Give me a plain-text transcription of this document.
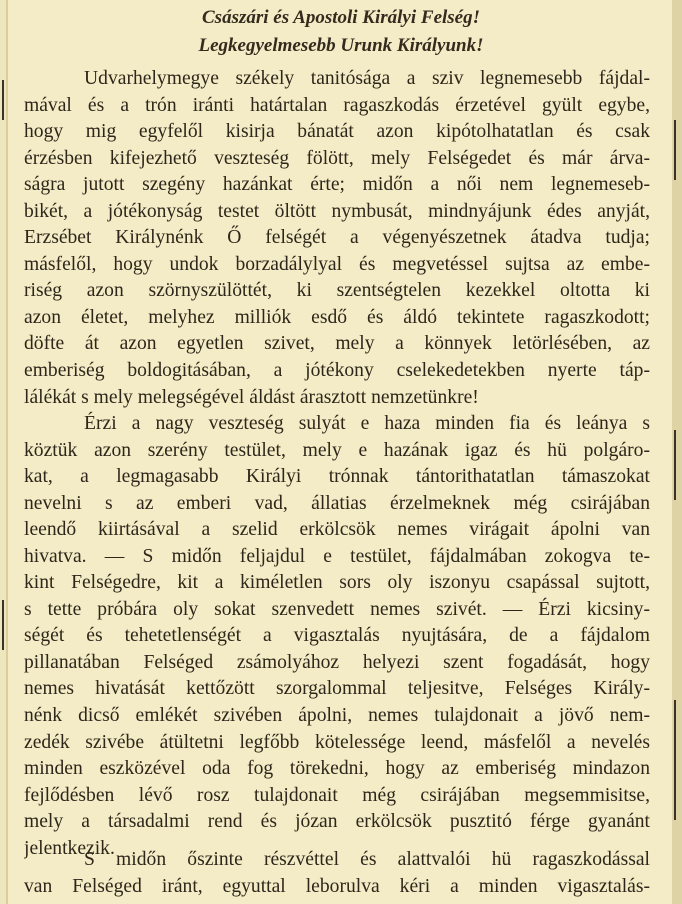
Császári és Apostoli Királyi Felség!
Legkegyelmesebb Urunk Királyunk!
Udvarhelymegye székely tanitósága a sziv legnemesebb fájdal-
mával és a trón iránti határtalan ragaszkodás érzetével gyült egybe,
hogy mig egyfelől kisirja bánatát azon kipótolhatatlan és csak
érzésben kifejezhető veszteség fölött, mely Felségedet és már árva-
ságra jutott szegény hazánkat érte; midőn a női nem legnemeseb-
bikét, a jótékonyság testet öltött nymbusát, mindnyájunk édes anyját,
Erzsébet Királynénk Ő felségét a végenyészetnek átadva tudja;
másfelől, hogy undok borzadálylyal és megvetéssel sujtsa az embe-
riség azon szörnyszülöttét, ki szentségtelen kezekkel oltotta ki
azon életet, melyhez milliók esdő és áldó tekintete ragaszkodott;
döfte át azon egyetlen szivet, mely a könnyek letörlésében, az
emberiség boldogitásában, a jótékony cselekedetekben nyerte táp-
lálékát s mely melegségével áldást árasztott nemzetünkre!
Érzi a nagy veszteség sulyát e haza minden fia és leánya s
köztük azon szerény testület, mely e hazának igaz és hü polgáro-
kat, a legmagasabb Királyi trónnak tántorithatatlan támaszokat
nevelni s az emberi vad, állatias érzelmeknek még csirájában
leendő kiirtásával a szelid erkölcsök nemes virágait ápolni van
hivatva. — S midőn feljajdul e testület, fájdalmában zokogva te-
kint Felségedre, kit a kiméletlen sors oly iszonyu csapással sujtott,
s tette próbára oly sokat szenvedett nemes szivét. — Érzi kicsiny-
ségét és tehetetlenségét a vigasztalás nyujtására, de a fájdalom
pillanatában Felséged zsámolyához helyezi szent fogadását, hogy
nemes hivatását kettőzött szorgalommal teljesitve, Felséges Király-
nénk dicső emlékét szivében ápolni, nemes tulajdonait a jövő nem-
zedék szivébe átültetni legfőbb kötelessége leend, másfelől a nevelés
minden eszközével oda fog törekedni, hogy az emberiség mindazon
fejlődésben lévő rosz tulajdonait még csirájában megsemmisitse,
mely a társadalmi rend és józan erkölcsök pusztitó férge gyanánt
jelentkezik.
S midőn őszinte részvéttel és alattvalói hü ragaszkodással
van Felséged iránt, egyuttal leborulva kéri a minden vigasztalás-
